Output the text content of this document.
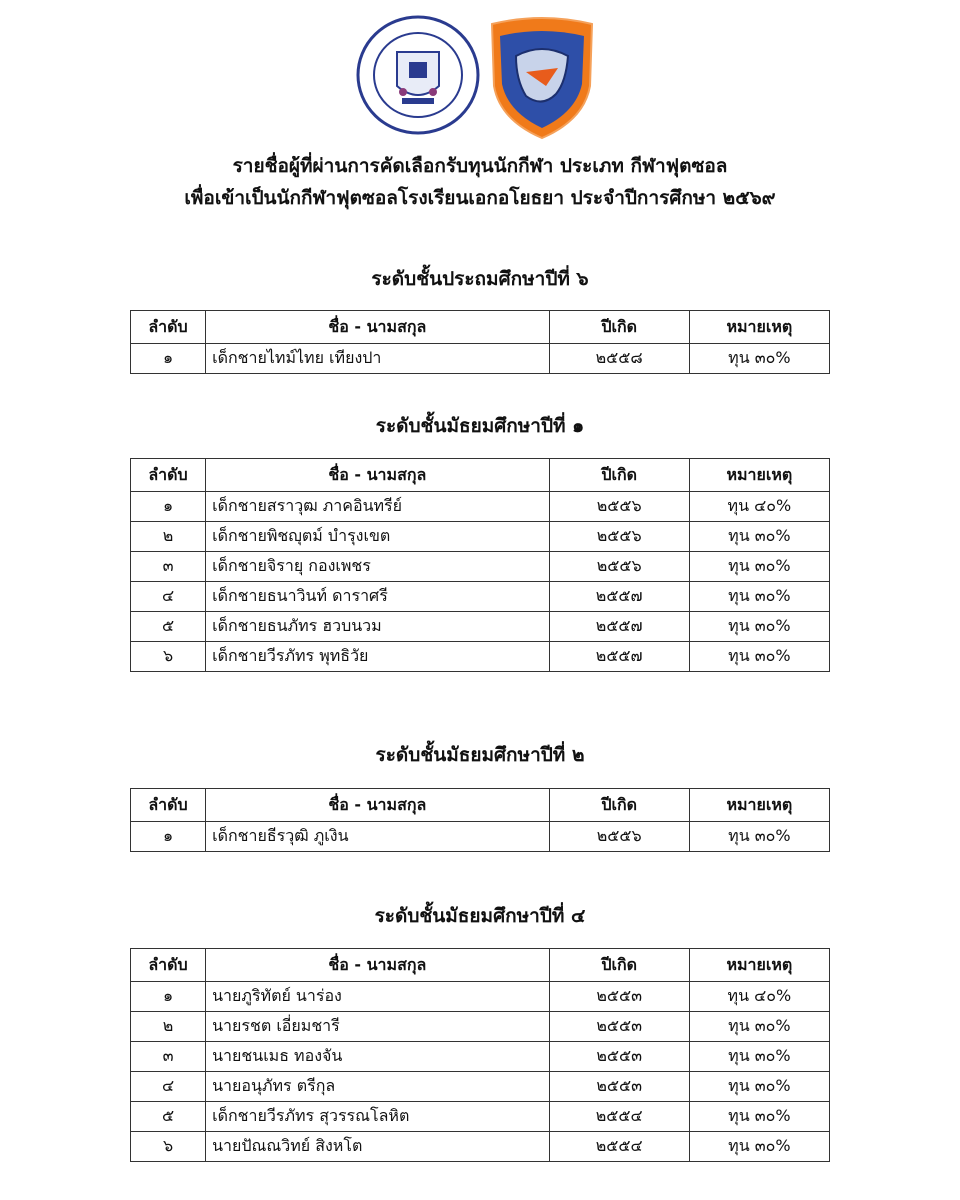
รายชื่อผู้ที่ผ่านการคัดเลือกรับทุนนักกีฬา ประเภท กีฬาฟุตซอล
เพื่อเข้าเป็นนักกีฬาฟุตซอลโรงเรียนเอกอโยธยา ประจำปีการศึกษา ๒๕๖๙
ระดับชั้นประถมศึกษาปีที่ ๖
ลำดับ	ชื่อ - นามสกุล	ปีเกิด	หมายเหตุ
๑	เด็กชายไทม์ไทย เทียงปา	๒๕๕๘	ทุน ๓๐%
ระดับชั้นมัธยมศึกษาปีที่ ๑
ลำดับ	ชื่อ - นามสกุล	ปีเกิด	หมายเหตุ
๑	เด็กชายสราวุฒ ภาคอินทรีย์	๒๕๕๖	ทุน ๔๐%
๒	เด็กชายพิชญุตม์ บำรุงเขต	๒๕๕๖	ทุน ๓๐%
๓	เด็กชายจิรายุ กองเพชร	๒๕๕๖	ทุน ๓๐%
๔	เด็กชายธนาวินท์ ดาราศรี	๒๕๕๗	ทุน ๓๐%
๕	เด็กชายธนภัทร ฮวบนวม	๒๕๕๗	ทุน ๓๐%
๖	เด็กชายวีรภัทร พุทธิวัย	๒๕๕๗	ทุน ๓๐%
ระดับชั้นมัธยมศึกษาปีที่ ๒
ลำดับ	ชื่อ - นามสกุล	ปีเกิด	หมายเหตุ
๑	เด็กชายธีรวุฒิ ภูเงิน	๒๕๕๖	ทุน ๓๐%
ระดับชั้นมัธยมศึกษาปีที่ ๔
ลำดับ	ชื่อ - นามสกุล	ปีเกิด	หมายเหตุ
๑	นายภูริทัตย์ นาร่อง	๒๕๕๓	ทุน ๔๐%
๒	นายรชต เอี่ยมชารี	๒๕๕๓	ทุน ๓๐%
๓	นายชนเมธ ทองจัน	๒๕๕๓	ทุน ๓๐%
๔	นายอนุภัทร ตรีกุล	๒๕๕๓	ทุน ๓๐%
๕	เด็กชายวีรภัทร สุวรรณโลหิต	๒๕๕๔	ทุน ๓๐%
๖	นายปัณณวิทย์ สิงหโต	๒๕๕๔	ทุน ๓๐%
